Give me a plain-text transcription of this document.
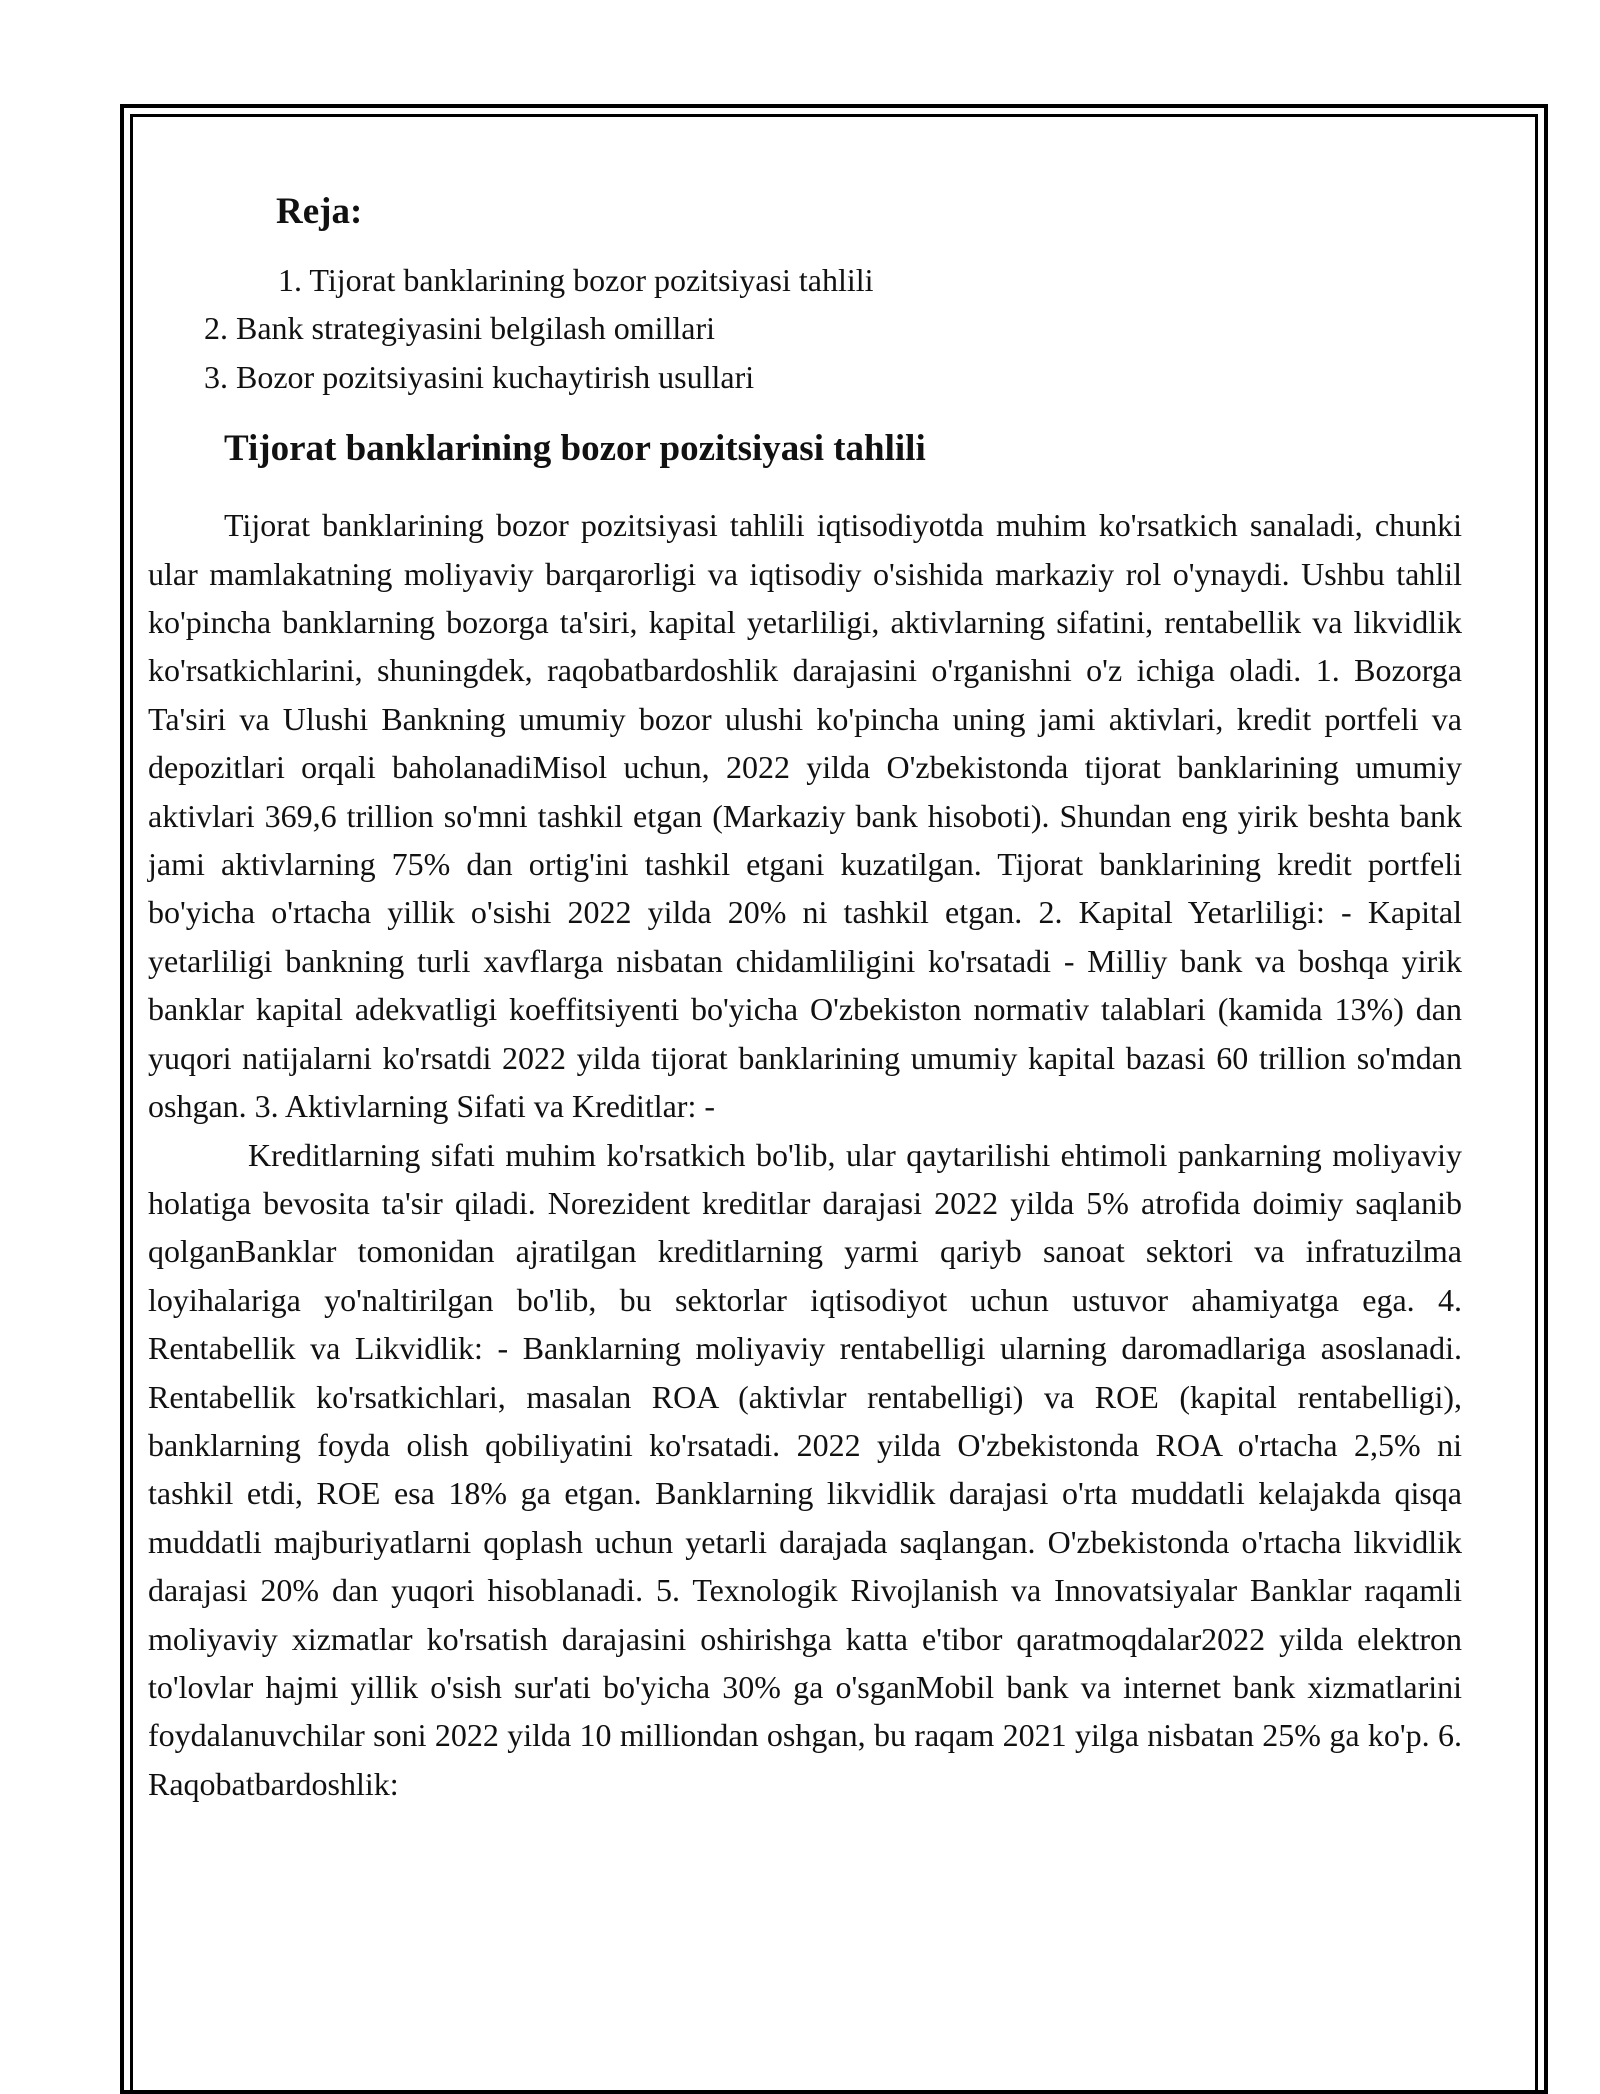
Reja:
1. Tijorat banklarining bozor pozitsiyasi tahlili
2. Bank strategiyasini belgilash omillari
3. Bozor pozitsiyasini kuchaytirish usullari
Tijorat banklarining bozor pozitsiyasi tahlili

Tijorat banklarining bozor pozitsiyasi tahlili iqtisodiyotda muhim ko'rsatkich sanaladi, chunki ular mamlakatning moliyaviy barqarorligi va iqtisodiy o'sishida markaziy rol o'ynaydi. Ushbu tahlil ko'pincha banklarning bozorga ta'siri, kapital yetarliligi, aktivlarning sifatini, rentabellik va likvidlik ko'rsatkichlarini, shuningdek, raqobatbardoshlik darajasini o'rganishni o'z ichiga oladi. 1. Bozorga Ta'siri va Ulushi Bankning umumiy bozor ulushi ko'pincha uning jami aktivlari, kredit portfeli va depozitlari orqali baholanadiMisol uchun, 2022 yilda O'zbekistonda tijorat banklarining umumiy aktivlari 369,6 trillion so'mni tashkil etgan (Markaziy bank hisoboti). Shundan eng yirik beshta bank jami aktivlarning 75% dan ortig'ini tashkil etgani kuzatilgan. Tijorat banklarining kredit portfeli bo'yicha o'rtacha yillik o'sishi 2022 yilda 20% ni tashkil etgan. 2. Kapital Yetarliligi: - Kapital yetarliligi bankning turli xavflarga nisbatan chidamliligini ko'rsatadi - Milliy bank va boshqa yirik banklar kapital adekvatligi koeffitsiyenti bo'yicha O'zbekiston normativ talablari (kamida 13%) dan yuqori natijalarni ko'rsatdi 2022 yilda tijorat banklarining umumiy kapital bazasi 60 trillion so'mdan oshgan. 3. Aktivlarning Sifati va Kreditlar: -

Kreditlarning sifati muhim ko'rsatkich bo'lib, ular qaytarilishi ehtimoli pankarning moliyaviy holatiga bevosita ta'sir qiladi. Norezident kreditlar darajasi 2022 yilda 5% atrofida doimiy saqlanib qolganBanklar tomonidan ajratilgan kreditlarning yarmi qariyb sanoat sektori va infratuzilma loyihalariga yo'naltirilgan bo'lib, bu sektorlar iqtisodiyot uchun ustuvor ahamiyatga ega. 4. Rentabellik va Likvidlik: - Banklarning moliyaviy rentabelligi ularning daromadlariga asoslanadi. Rentabellik ko'rsatkichlari, masalan ROA (aktivlar rentabelligi) va ROE (kapital rentabelligi), banklarning foyda olish qobiliyatini ko'rsatadi. 2022 yilda O'zbekistonda ROA o'rtacha 2,5% ni tashkil etdi, ROE esa 18% ga etgan. Banklarning likvidlik darajasi o'rta muddatli kelajakda qisqa muddatli majburiyatlarni qoplash uchun yetarli darajada saqlangan. O'zbekistonda o'rtacha likvidlik darajasi 20% dan yuqori hisoblanadi. 5. Texnologik Rivojlanish va Innovatsiyalar Banklar raqamli moliyaviy xizmatlar ko'rsatish darajasini oshirishga katta e'tibor qaratmoqdalar2022 yilda elektron to'lovlar hajmi yillik o'sish sur'ati bo'yicha 30% ga o'sganMobil bank va internet bank xizmatlarini foydalanuvchilar soni 2022 yilda 10 milliondan oshgan, bu raqam 2021 yilga nisbatan 25% ga ko'p. 6. Raqobatbardoshlik:
